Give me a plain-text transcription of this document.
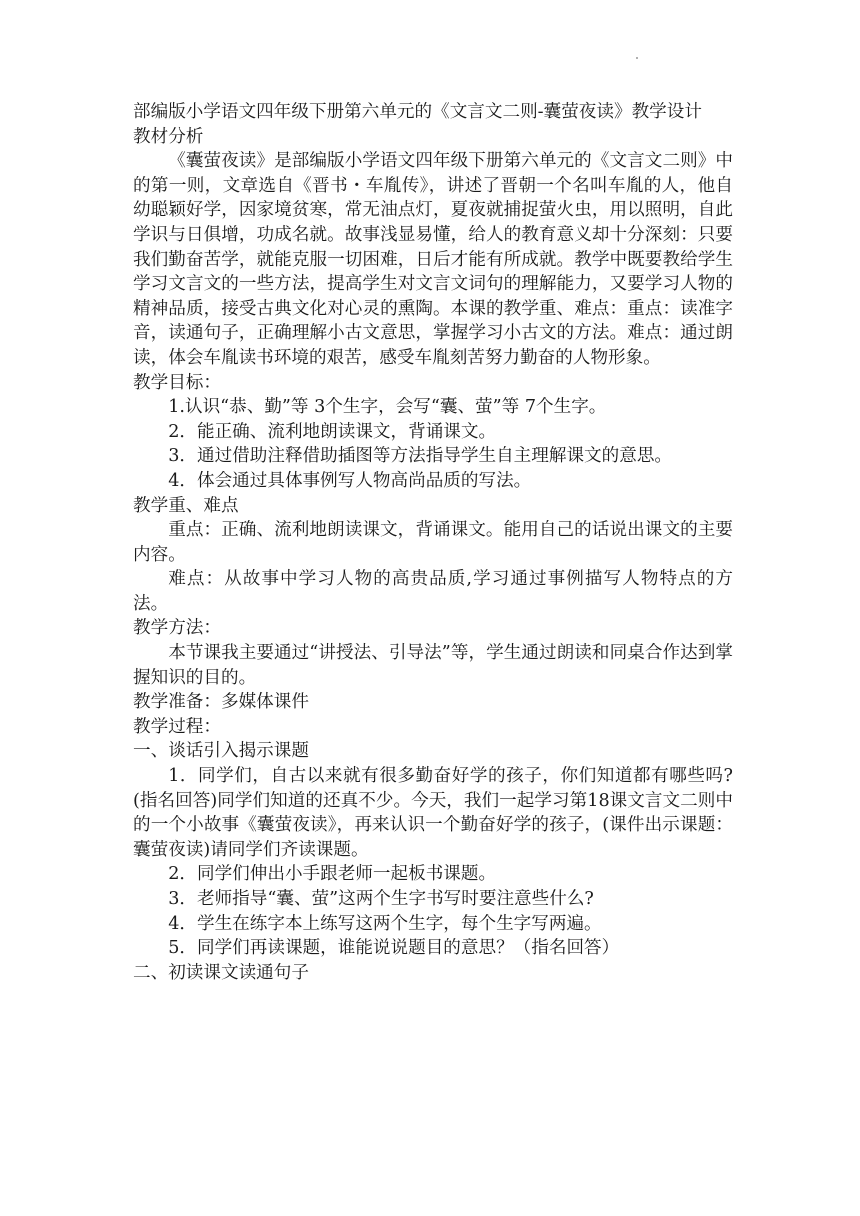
部编版小学语文四年级下册第六单元的《文言文二则-囊萤夜读》教学设计

教材分析

《囊萤夜读》是部编版小学语文四年级下册第六单元的《文言文二则》中的第一则，文章选自《晋书・车胤传》，讲述了晋朝一个名叫车胤的人，他自幼聪颖好学，因家境贫寒，常无油点灯，夏夜就捕捉萤火虫，用以照明，自此学识与日俱增，功成名就。故事浅显易懂，给人的教育意义却十分深刻：只要我们勤奋苦学，就能克服一切困难，日后才能有所成就。教学中既要教给学生学习文言文的一些方法，提高学生对文言文词句的理解能力，又要学习人物的精神品质，接受古典文化对心灵的熏陶。本课的教学重、难点：重点：读准字音，读通句子，正确理解小古文意思，掌握学习小古文的方法。难点：通过朗读，体会车胤读书环境的艰苦，感受车胤刻苦努力勤奋的人物形象。

教学目标：

1.认识“恭、勤”等 3个生字，会写“囊、萤”等 7个生字。

2．能正确、流利地朗读课文，背诵课文。

3．通过借助注释借助插图等方法指导学生自主理解课文的意思。

4．体会通过具体事例写人物高尚品质的写法。

教学重、难点

重点：正确、流利地朗读课文，背诵课文。能用自己的话说出课文的主要内容。

难点：从故事中学习人物的高贵品质,学习通过事例描写人物特点的方法。

教学方法：

本节课我主要通过“讲授法、引导法”等，学生通过朗读和同桌合作达到掌握知识的目的。

教学准备：多媒体课件

教学过程：

一、谈话引入揭示课题

1．同学们，自古以来就有很多勤奋好学的孩子，你们知道都有哪些吗?(指名回答)同学们知道的还真不少。今天，我们一起学习第18课文言文二则中的一个小故事《囊萤夜读》，再来认识一个勤奋好学的孩子，(课件出示课题：囊萤夜读)请同学们齐读课题。

2．同学们伸出小手跟老师一起板书课题。

3．老师指导“囊、萤”这两个生字书写时要注意些什么?

4．学生在练字本上练写这两个生字，每个生字写两遍。

5．同学们再读课题，谁能说说题目的意思？（指名回答）

二、初读课文读通句子
